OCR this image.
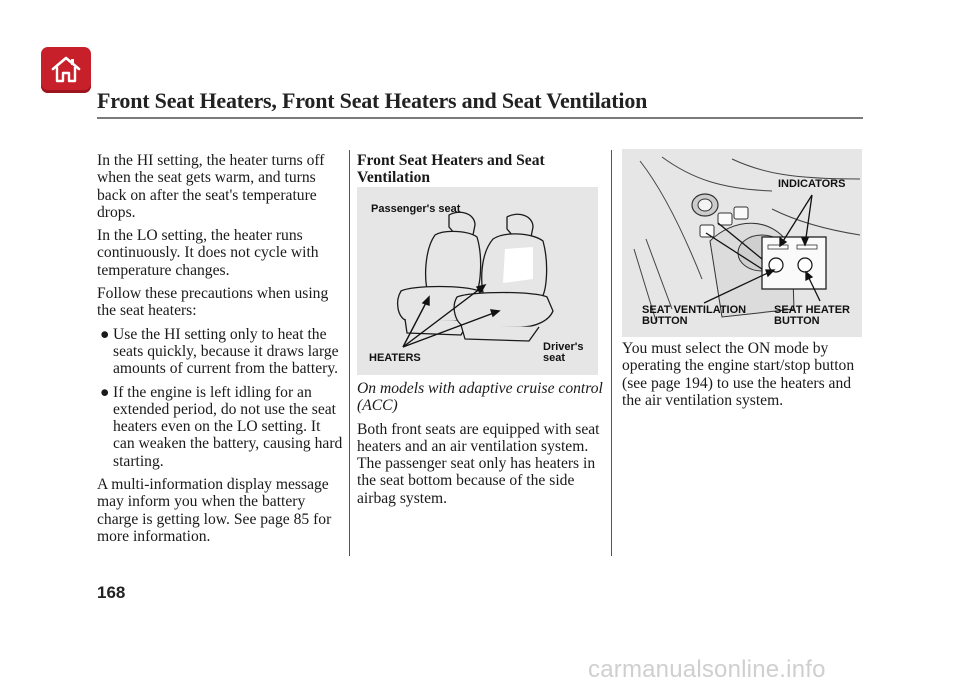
Front Seat Heaters, Front Seat Heaters and Seat Ventilation

In the HI setting, the heater turns off when the seat gets warm, and turns back on after the seat's temperature drops.

In the LO setting, the heater runs continuously. It does not cycle with temperature changes.

Follow these precautions when using the seat heaters:

● Use the HI setting only to heat the seats quickly, because it draws large amounts of current from the battery.
● If the engine is left idling for an extended period, do not use the seat heaters even on the LO setting. It can weaken the battery, causing hard starting.

A multi-information display message may inform you when the battery charge is getting low. See page 85 for more information.

Front Seat Heaters and Seat Ventilation

Passenger's seat
Driver's seat
HEATERS

On models with adaptive cruise control (ACC)

Both front seats are equipped with seat heaters and an air ventilation system. The passenger seat only has heaters in the seat bottom because of the side airbag system.

INDICATORS
SEAT VENTILATION BUTTON
SEAT HEATER BUTTON

You must select the ON mode by operating the engine start/stop button (see page 194) to use the heaters and the air ventilation system.

168
carmanualsonline.info
